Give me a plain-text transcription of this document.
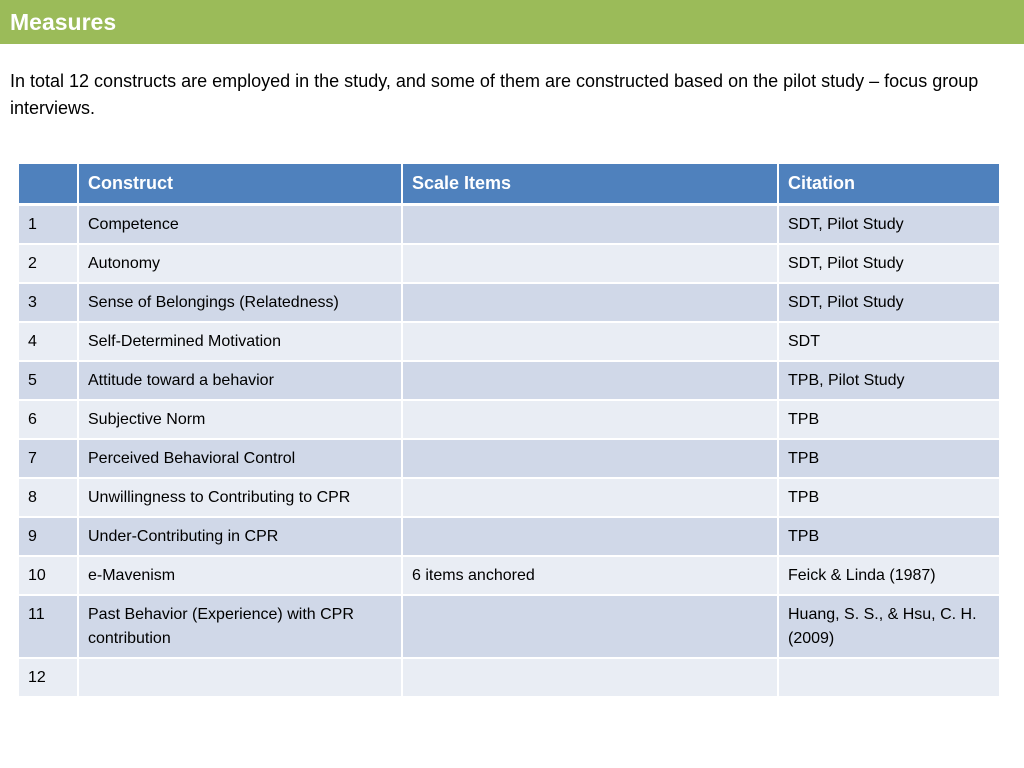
Measures
In total 12 constructs are employed in the study, and some of them are constructed based on the pilot study – focus group interviews.
	Construct	Scale Items	Citation
1	Competence		SDT, Pilot Study
2	Autonomy		SDT, Pilot Study
3	Sense of Belongings (Relatedness)		SDT, Pilot Study
4	Self-Determined Motivation		SDT
5	Attitude toward a behavior		TPB, Pilot Study
6	Subjective Norm		TPB
7	Perceived Behavioral Control		TPB
8	Unwillingness to Contributing to CPR		TPB
9	Under-Contributing in CPR		TPB
10	e-Mavenism	6 items anchored	Feick & Linda (1987)
11	Past Behavior (Experience) with CPR contribution		Huang, S. S., & Hsu, C. H. (2009)
12			
